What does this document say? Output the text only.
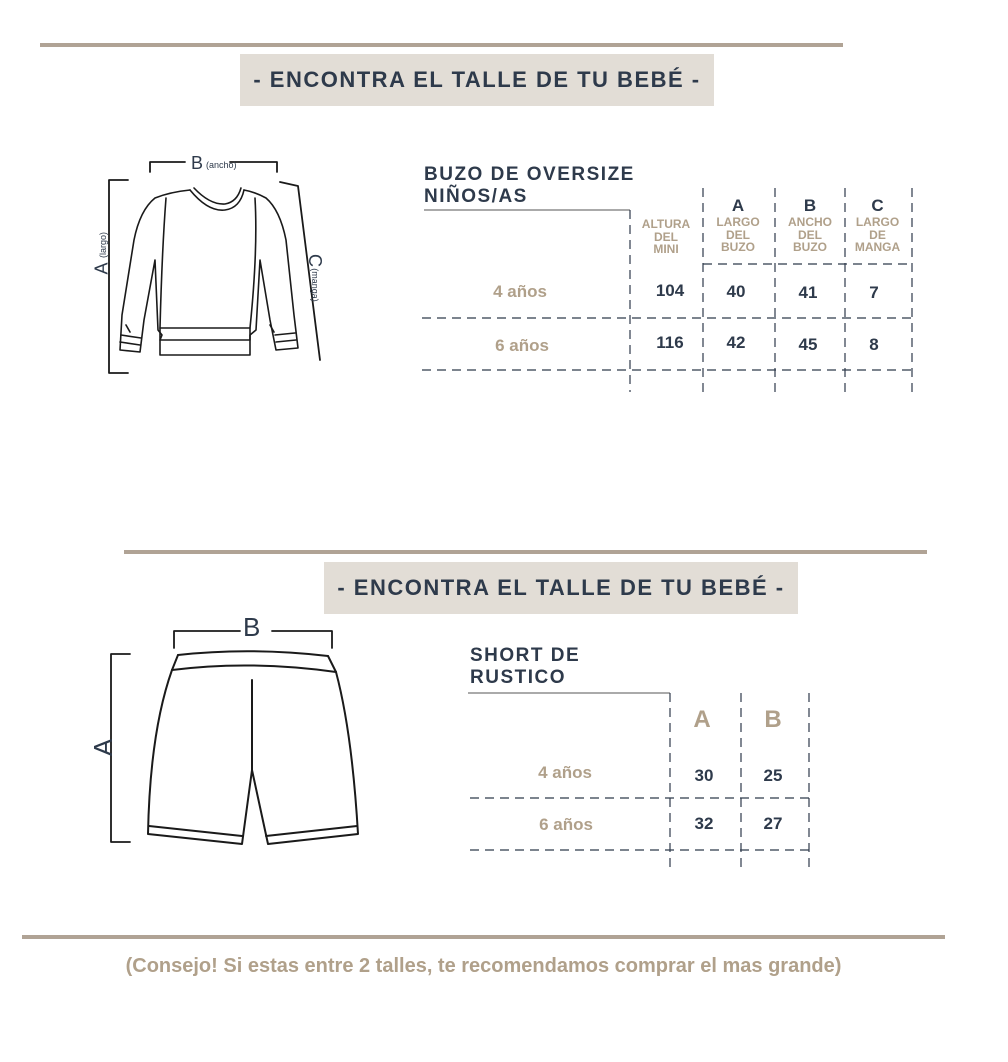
- ENCONTRA EL TALLE DE TU BEBÉ -
B (ancho)
A
(largo)
C
(manga)
BUZO DE OVERSIZE
NIÑOS/AS
ALTURA
DEL
MINI
A
LARGO
DEL
BUZO
B
ANCHO
DEL
BUZO
C
LARGO
DE
MANGA
4 años	104	40	41	7
6 años	116	42	45	8
- ENCONTRA EL TALLE DE TU BEBÉ -
B
A
SHORT DE
RUSTICO
A	B
4 años	30	25
6 años	32	27
(Consejo! Si estas entre 2 talles, te recomendamos comprar el mas grande)
